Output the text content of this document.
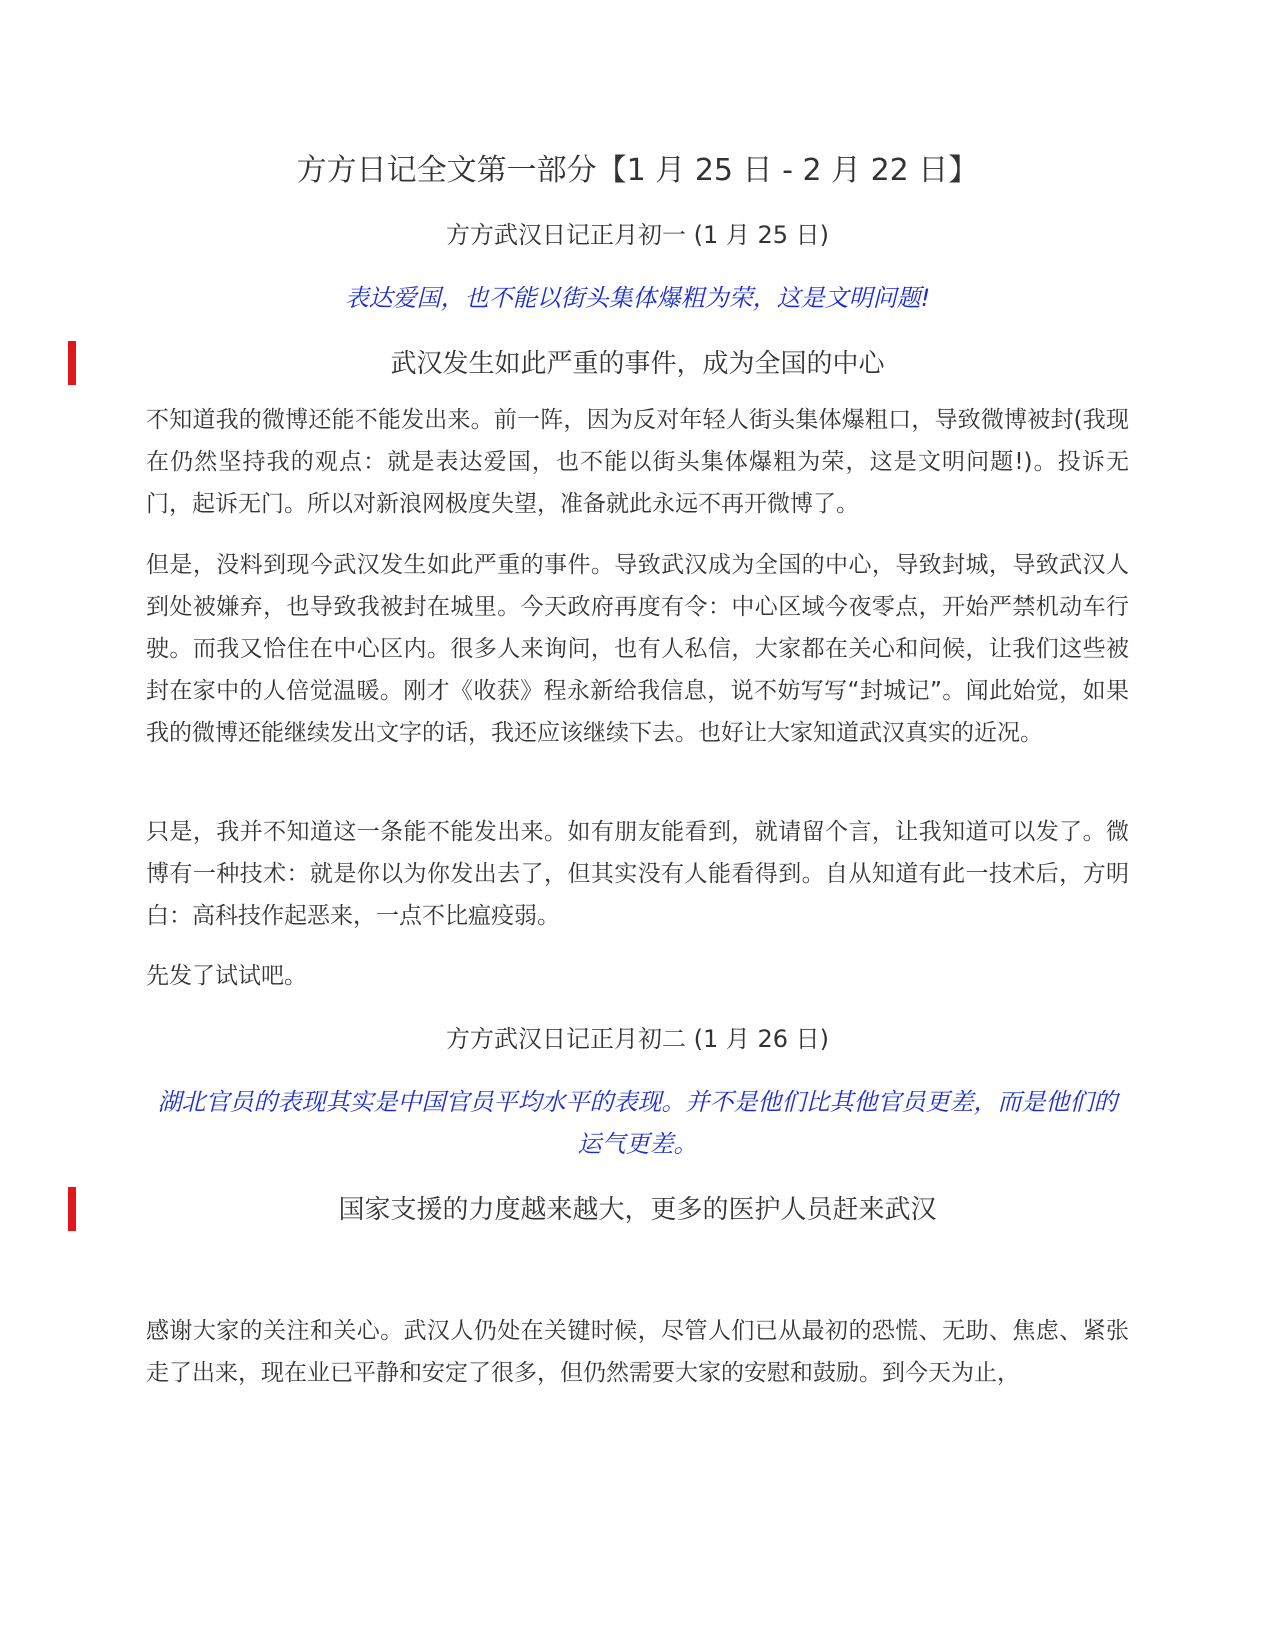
方方日记全文第一部分【1 月 25 日 - 2 月 22 日】
方方武汉日记正月初一 (1 月 25 日)

表达爱国，也不能以街头集体爆粗为荣，这是文明问题!

武汉发生如此严重的事件，成为全国的中心

不知道我的微博还能不能发出来。前一阵，因为反对年轻人街头集体爆粗口，导致微博被封(我现在仍然坚持我的观点：就是表达爱国，也不能以街头集体爆粗为荣，这是文明问题!)。投诉无门，起诉无门。所以对新浪网极度失望，准备就此永远不再开微博了。

但是，没料到现今武汉发生如此严重的事件。导致武汉成为全国的中心，导致封城，导致武汉人到处被嫌弃，也导致我被封在城里。今天政府再度有令：中心区域今夜零点，开始严禁机动车行驶。而我又恰住在中心区内。很多人来询问，也有人私信，大家都在关心和问候，让我们这些被封在家中的人倍觉温暖。刚才《收获》程永新给我信息，说不妨写写“封城记”。闻此始觉，如果我的微博还能继续发出文字的话，我还应该继续下去。也好让大家知道武汉真实的近况。

只是，我并不知道这一条能不能发出来。如有朋友能看到，就请留个言，让我知道可以发了。微博有一种技术：就是你以为你发出去了，但其实没有人能看得到。自从知道有此一技术后，方明白：高科技作起恶来，一点不比瘟疫弱。

先发了试试吧。

方方武汉日记正月初二 (1 月 26 日)

湖北官员的表现其实是中国官员平均水平的表现。并不是他们比其他官员更差，而是他们的运气更差。

国家支援的力度越来越大，更多的医护人员赶来武汉

感谢大家的关注和关心。武汉人仍处在关键时候，尽管人们已从最初的恐慌、无助、焦虑、紧张走了出来，现在业已平静和安定了很多，但仍然需要大家的安慰和鼓励。到今天为止，
